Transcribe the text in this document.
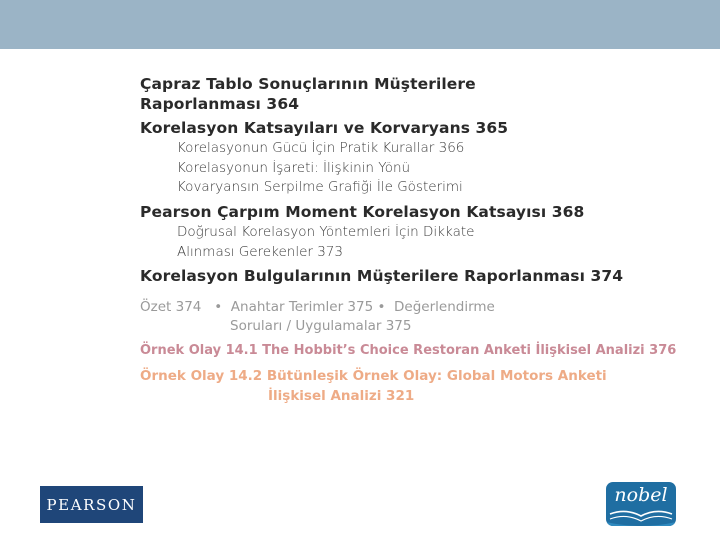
Çapraz Tablo Sonuçlarının Müşterilere
Raporlanması 364
Korelasyon Katsayıları ve Korvaryans 365
Korelasyonun Gücü İçin Pratik Kurallar 366
Korelasyonun İşareti: İlişkinin Yönü
Kovaryansın Serpilme Grafiği İle Gösterimi
Pearson Çarpım Moment Korelasyon Katsayısı 368
Doğrusal Korelasyon Yöntemleri İçin Dikkate
Alınması Gerekenler 373
Korelasyon Bulgularının Müşterilere Raporlanması 374
Özet 374   •  Anahtar Terimler 375 •  Değerlendirme
Soruları / Uygulamalar 375
Örnek Olay 14.1 The Hobbit’s Choice Restoran Anketi İlişkisel Analizi 376
Örnek Olay 14.2 Bütünleşik Örnek Olay: Global Motors Anketi
İlişkisel Analizi 321
PEARSON	nobel
